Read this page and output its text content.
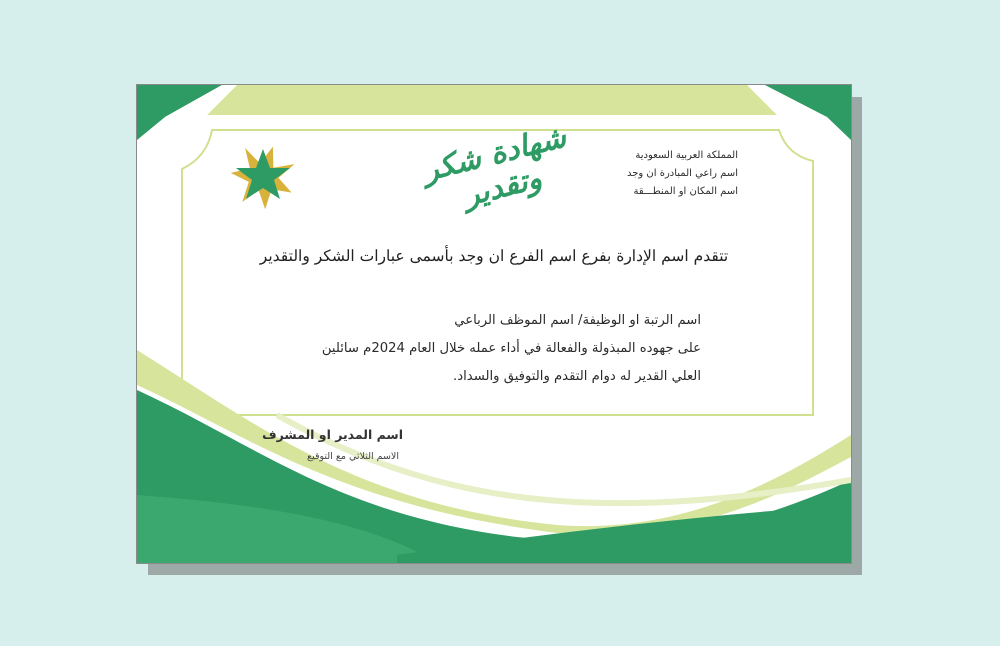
شهادة شكر وتقدير
المملكة العربية السعودية
اسم راعي المبادرة ان وجد
اسم المكان او المنطـــقة
تتقدم اسم الإدارة بفرع اسم الفرع ان وجد بأسمى عبارات الشكر والتقدير
اسم الرتبة او الوظيفة/ اسم الموظف الرباعي
على جهوده المبذولة والفعالة في أداء عمله خلال العام 2024م سائلين
العلي القدير له دوام التقدم والتوفيق والسداد.
اسم المدير او المشرف
الاسم الثلاثي مع التوقيع
